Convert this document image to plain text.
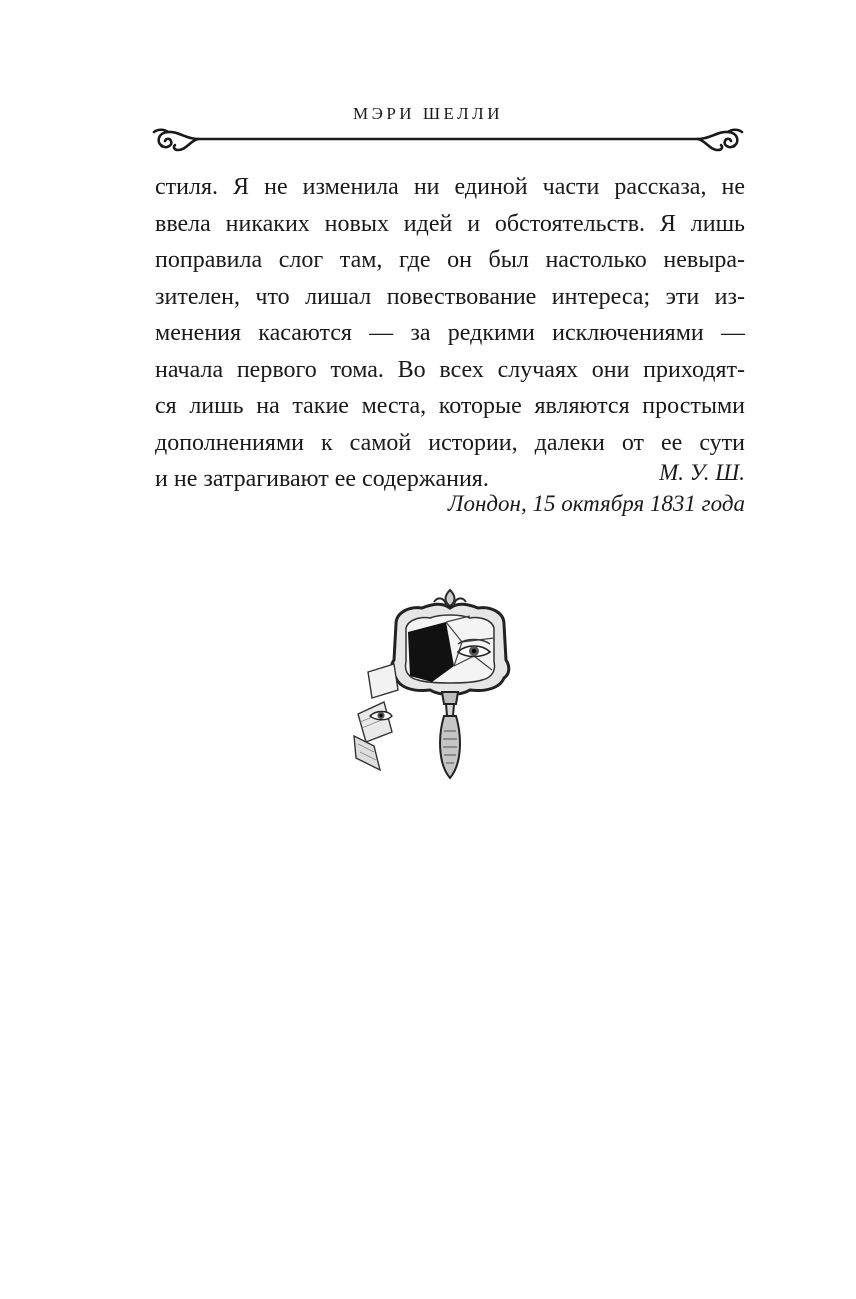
МЭРИ ШЕЛЛИ
стиля. Я не изменила ни единой части рассказа, не
ввела никаких новых идей и обстоятельств. Я лишь
поправила слог там, где он был настолько невыра-
зителен, что лишал повествование интереса; эти из-
менения касаются — за редкими исключениями —
начала первого тома. Во всех случаях они приходят-
ся лишь на такие места, которые являются простыми
дополнениями к самой истории, далеки от ее сути
и не затрагивают ее содержания.	М. У. Ш.
Лондон, 15 октября 1831 года
